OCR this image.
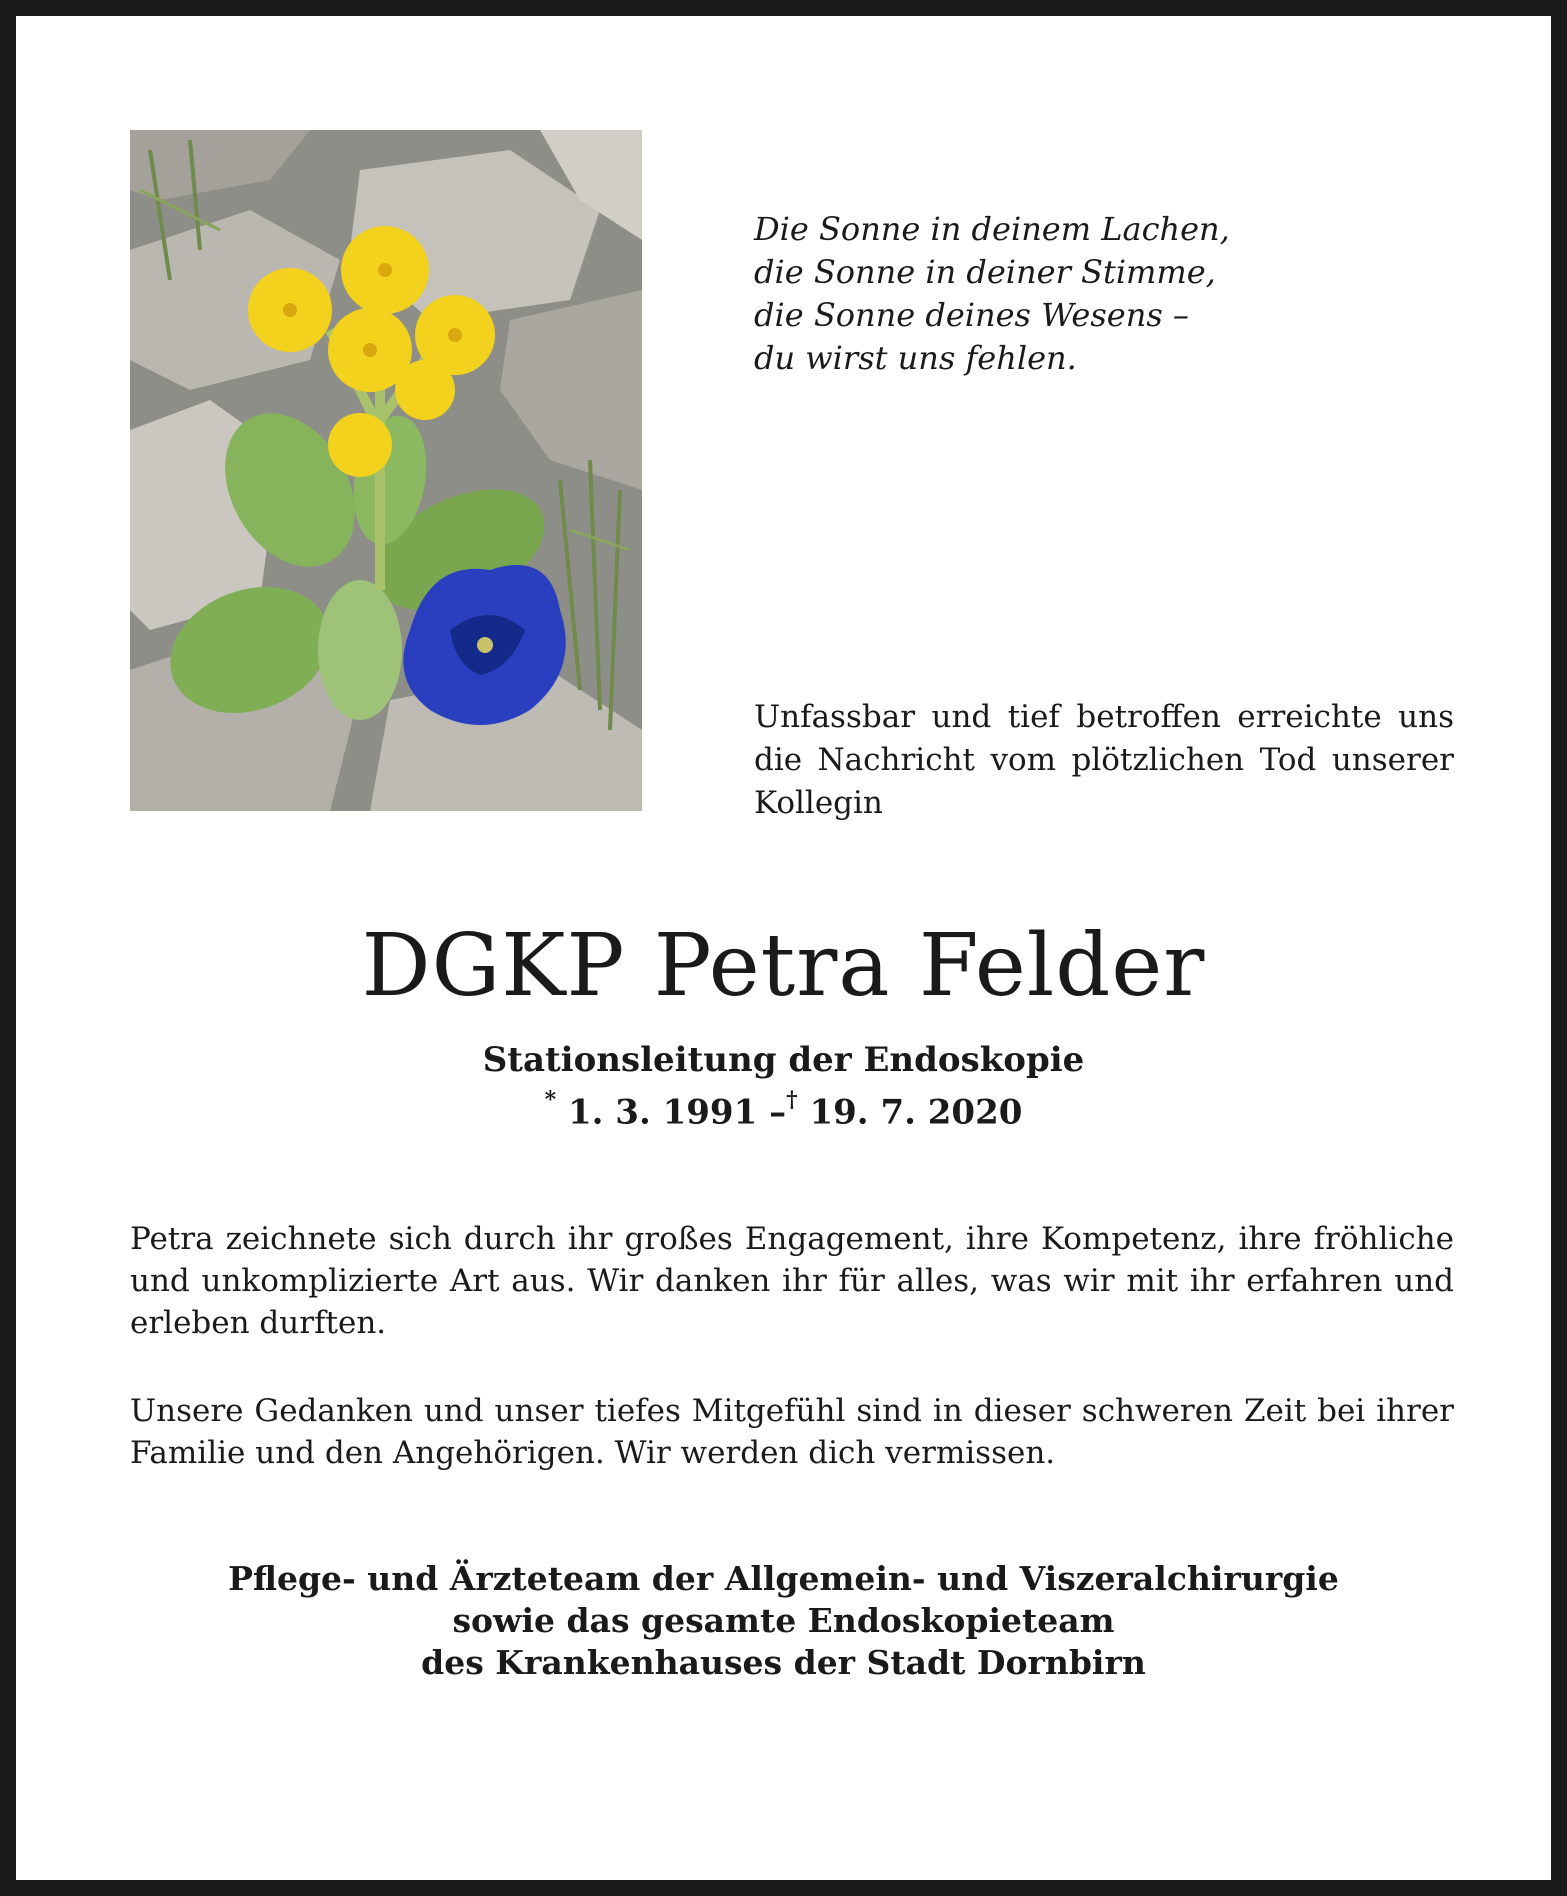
Die Sonne in deinem Lachen,
die Sonne in deiner Stimme,
die Sonne deines Wesens –
du wirst uns fehlen.

Unfassbar und tief betroffen erreichte uns die Nachricht vom plötzlichen Tod unserer Kollegin

DGKP Petra Felder
Stationsleitung der Endoskopie
* 1. 3. 1991 –† 19. 7. 2020

Petra zeichnete sich durch ihr großes Engagement, ihre Kompetenz, ihre fröhliche und unkomplizierte Art aus. Wir danken ihr für alles, was wir mit ihr erfahren und erleben durften.

Unsere Gedanken und unser tiefes Mitgefühl sind in dieser schweren Zeit bei ihrer Familie und den Angehörigen. Wir werden dich vermissen.

Pflege- und Ärzteteam der Allgemein- und Viszeralchirurgie
sowie das gesamte Endoskopieteam
des Krankenhauses der Stadt Dornbirn
